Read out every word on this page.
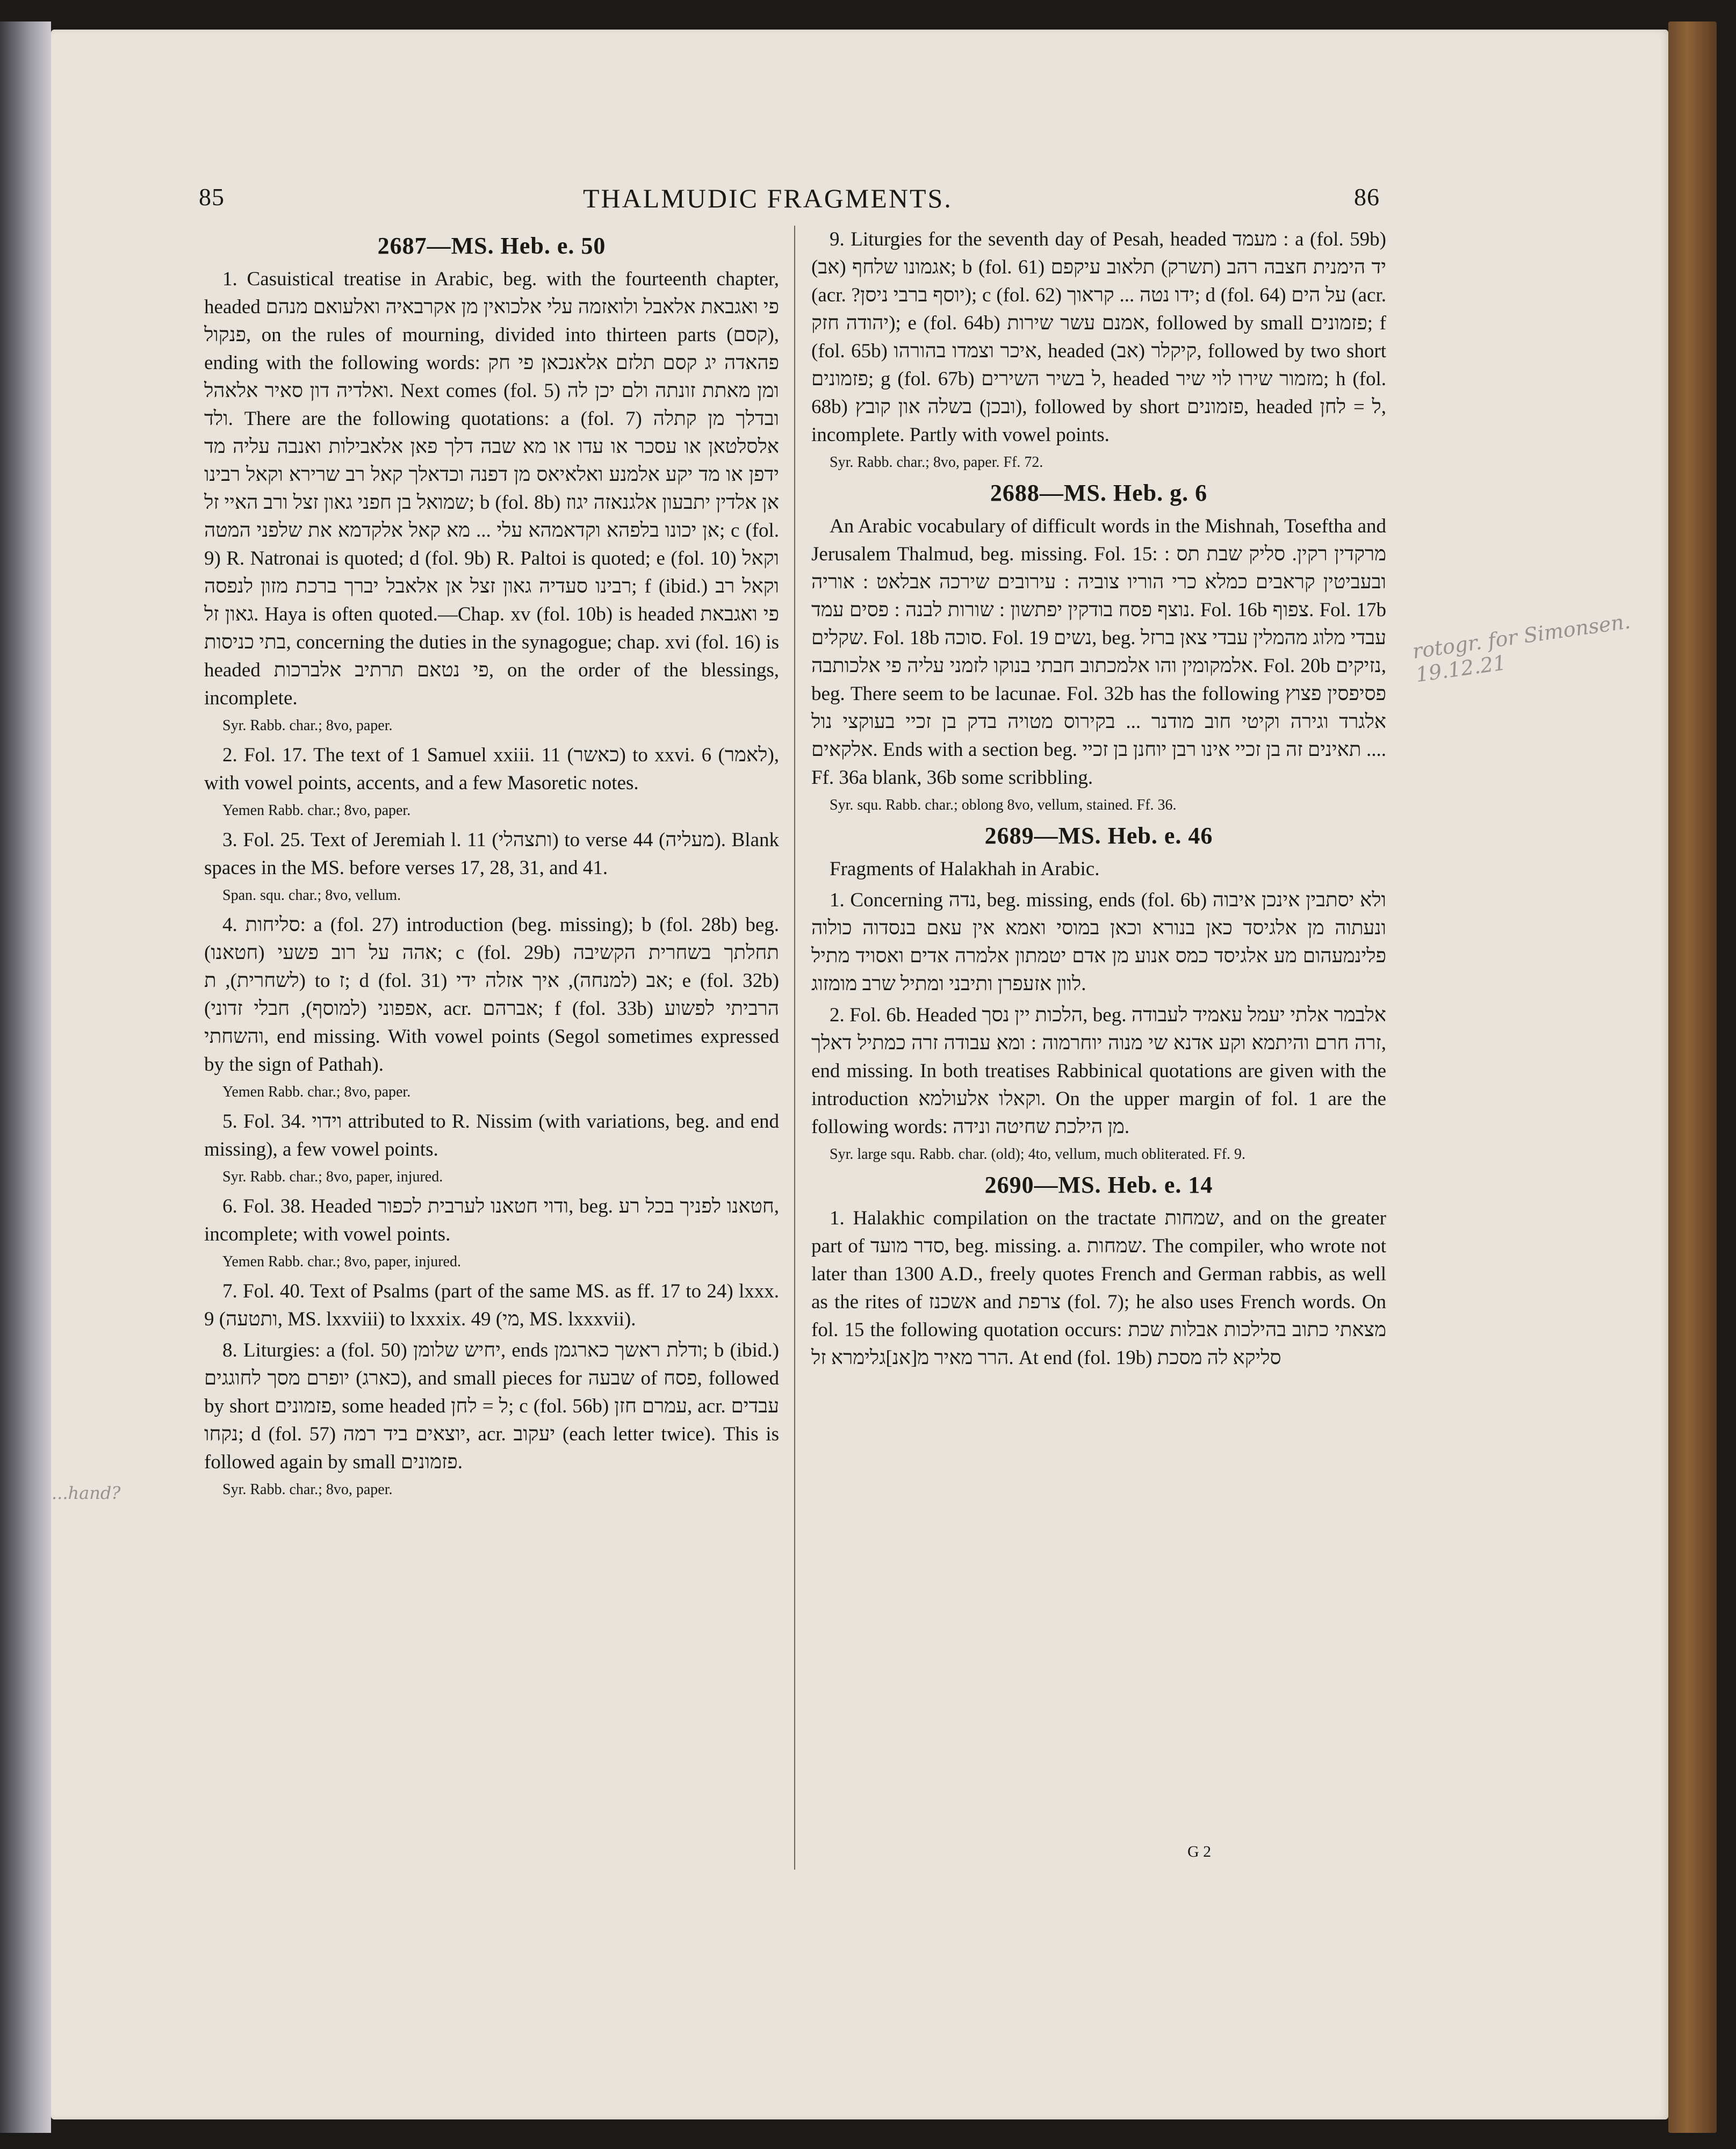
85	THALMUDIC FRAGMENTS.	86
2687—MS. Heb. e. 50

1. Casuistical treatise in Arabic, beg. with the fourteenth chapter, headed פי ואגבאת אלאבל ולואזמה עלי אלכואין מן אקרבאיה ואלעואם מנהם פנקול, on the rules of mourning, divided into thirteen parts (קסם), ending with the following words: פהאדה יג קסם תלזם אלאנכאן פי חק ואלדיה דון סאיר אלאהל. Next comes (fol. 5) ומן מאתת זונתה ולם יכן לה ולד. There are the following quotations: a (fol. 7) ובדלך מן קתלה אלסלטאן או עסכר או עדו או מא שבה דלך פאן אלאבילות ואנבה עליה מד ידפן או מד יקע אלמנע ואלאיאס מן דפנה וכדאלך קאל רב שרירא וקאל רבינו שמואל בן חפני גאון זצל ורב האיי זל; b (fol. 8b) אן אלדין יתבעון אלגנאזה יגוז אן יכונו בלפהא וקדאמהא עלי ... מא קאל אלקדמא את שלפני המטה; c (fol. 9) R. Natronai is quoted; d (fol. 9b) R. Paltoi is quoted; e (fol. 10) וקאל רבינו סעדיה גאון זצל אן אלאבל יברך ברכת מזון לנפסה; f (ibid.) וקאל רב גאון זל. Haya is often quoted.—Chap. xv (fol. 10b) is headed פי ואגבאת בתי כניסות, concerning the duties in the synagogue; chap. xvi (fol. 16) is headed פי נטאם תרתיב אלברכות, on the order of the blessings, incomplete.

Syr. Rabb. char.; 8vo, paper.

2. Fol. 17. The text of 1 Samuel xxiii. 11 (כאשר) to xxvi. 6 (לאמר), with vowel points, accents, and a few Masoretic notes.

Yemen Rabb. char.; 8vo, paper.

3. Fol. 25. Text of Jeremiah l. 11 (ותצהלי) to verse 44 (מעליה). Blank spaces in the MS. before verses 17, 28, 31, and 41.

Span. squ. char.; 8vo, vellum.

4. סליחות: a (fol. 27) introduction (beg. missing); b (fol. 28b) beg. אהה על רוב פשעי (חטאנו); c (fol. 29b) תחלתך בשחרית הקשיבה (לשחרית), ת to ז; d (fol. 31) אב (למנחה), איך אזלה ידי; e (fol. 32b) (אפפוני (למוסף), חבלי זדוני, acr. אברהם; f (fol. 33b) הרביתי לפשוע והשחתי, end missing. With vowel points (Segol sometimes expressed by the sign of Pathah).

Yemen Rabb. char.; 8vo, paper.

5. Fol. 34. וידוי attributed to R. Nissim (with variations, beg. and end missing), a few vowel points.

Syr. Rabb. char.; 8vo, paper, injured.

6. Fol. 38. Headed ודוי חטאנו לערבית לכפור, beg. חטאנו לפניך בכל רע, incomplete; with vowel points.

Yemen Rabb. char.; 8vo, paper, injured.

7. Fol. 40. Text of Psalms (part of the same MS. as ff. 17 to 24) lxxx. 9 (ותטעה, MS. lxxviii) to lxxxix. 49 (מי, MS. lxxxvii).

8. Liturgies: a (fol. 50) יחיש שלומן, ends ודלת ראשך כארגמן; b (ibid.) כארג) יופרם מסך לחוגגים), and small pieces for שבעה of פסח, followed by short פזמונים, some headed ל = לחן; c (fol. 56b) עמרם חזן, acr. עבדים נקחו; d (fol. 57) יוצאים ביד רמה, acr. יעקוב (each letter twice). This is followed again by small פזמונים.

Syr. Rabb. char.; 8vo, paper.

9. Liturgies for the seventh day of Pesah, headed מעמד : a (fol. 59b) אגמונו שלחף (אב); b (fol. 61) יד הימנית חצבה רהב (תשרק) תלאוב עיקפם (acr. ?יוסף ברבי ניסן); c (fol. 62) ידו נטה ... קראוך; d (fol. 64) על הים (acr. יהודה חזק); e (fol. 64b) אמנם עשר שירות, followed by small פזמונים; f (fol. 65b) איכר וצמדו בהורהו, headed קיקלר (אב), followed by two short פזמונים; g (fol. 67b) ל בשיר השירים, headed מזמור שירו לוי שיר; h (fol. 68b) ובכן) בשלה און קובץ), followed by short פזמונים, headed ל = לחן, incomplete. Partly with vowel points.

Syr. Rabb. char.; 8vo, paper. Ff. 72.

2688—MS. Heb. g. 6

An Arabic vocabulary of difficult words in the Mishnah, Toseftha and Jerusalem Thalmud, beg. missing. Fol. 15: מרקדין רקין. סליק שבת תס : ובעביטין קראבים כמלא כרי הוריו צוביה : עירובים שירכה אבלאט : אוריה נוצף פסח בודקין יפתשון : שורות לבנה : פסים עמד. Fol. 16b צפוף. Fol. 17b שקלים. Fol. 18b סוכה. Fol. 19 נשים, beg. עבדי מלוג מהמלין עבדי צאן ברזל אלמקומין והו אלמכתוב חבתי בנוקו לזמני עליה פי אלכותבה. Fol. 20b נזיקים, beg. There seem to be lacunae. Fol. 32b has the following פסיפסין פצוץ אלגרד וגירה וקיטי חוב מודנר ... בקירוס מטויה בדק בן זכיי בעוקצי נול אלקאים. Ends with a section beg. תאינים זה בן זכיי אינו רבן יוחנן בן זכיי .... Ff. 36a blank, 36b some scribbling.

Syr. squ. Rabb. char.; oblong 8vo, vellum, stained. Ff. 36.

2689—MS. Heb. e. 46

Fragments of Halakhah in Arabic.

1. Concerning נדה, beg. missing, ends (fol. 6b) ולא יסתבין אינכן איבוה ונעתוה מן אלגיסד כאן בנורא וכאן במוסי ואמא אין עאם בנסדוה כולוה פלינמעהום מע אלגיסד כמס אנוע מן אדם יטמתון אלמרה אדים ואסויד מתיל לוון אזעפרן ותיבני ומתיל שרב מומזוג.

2. Fol. 6b. Headed הלכות יין נסך, beg. אלבמר אלתי יעמל עאמיד לעבודה זרה חרם והיתמא וקע אדנא שי מנוה יוחרמוה : ומא עבודה זרה כמתיל דאלך, end missing. In both treatises Rabbinical quotations are given with the introduction וקאלו אלעולמא. On the upper margin of fol. 1 are the following words: מן הילכת שחיטה ונידה.

Syr. large squ. Rabb. char. (old); 4to, vellum, much obliterated. Ff. 9.

2690—MS. Heb. e. 14

1. Halakhic compilation on the tractate שמחות, and on the greater part of סדר מועד, beg. missing. a. שמחות. The compiler, who wrote not later than 1300 A.D., freely quotes French and German rabbis, as well as the rites of אשכנז and צרפת (fol. 7); he also uses French words. On fol. 15 the following quotation occurs: מצאתי כתוב בהילכות אבלות שכת הרר מאיר מ[אנ]גלימרא זל. At end (fol. 19b) סליקא לה מסכת

G 2
rotogr. for Simonsen. 19.12.21
...hand?
